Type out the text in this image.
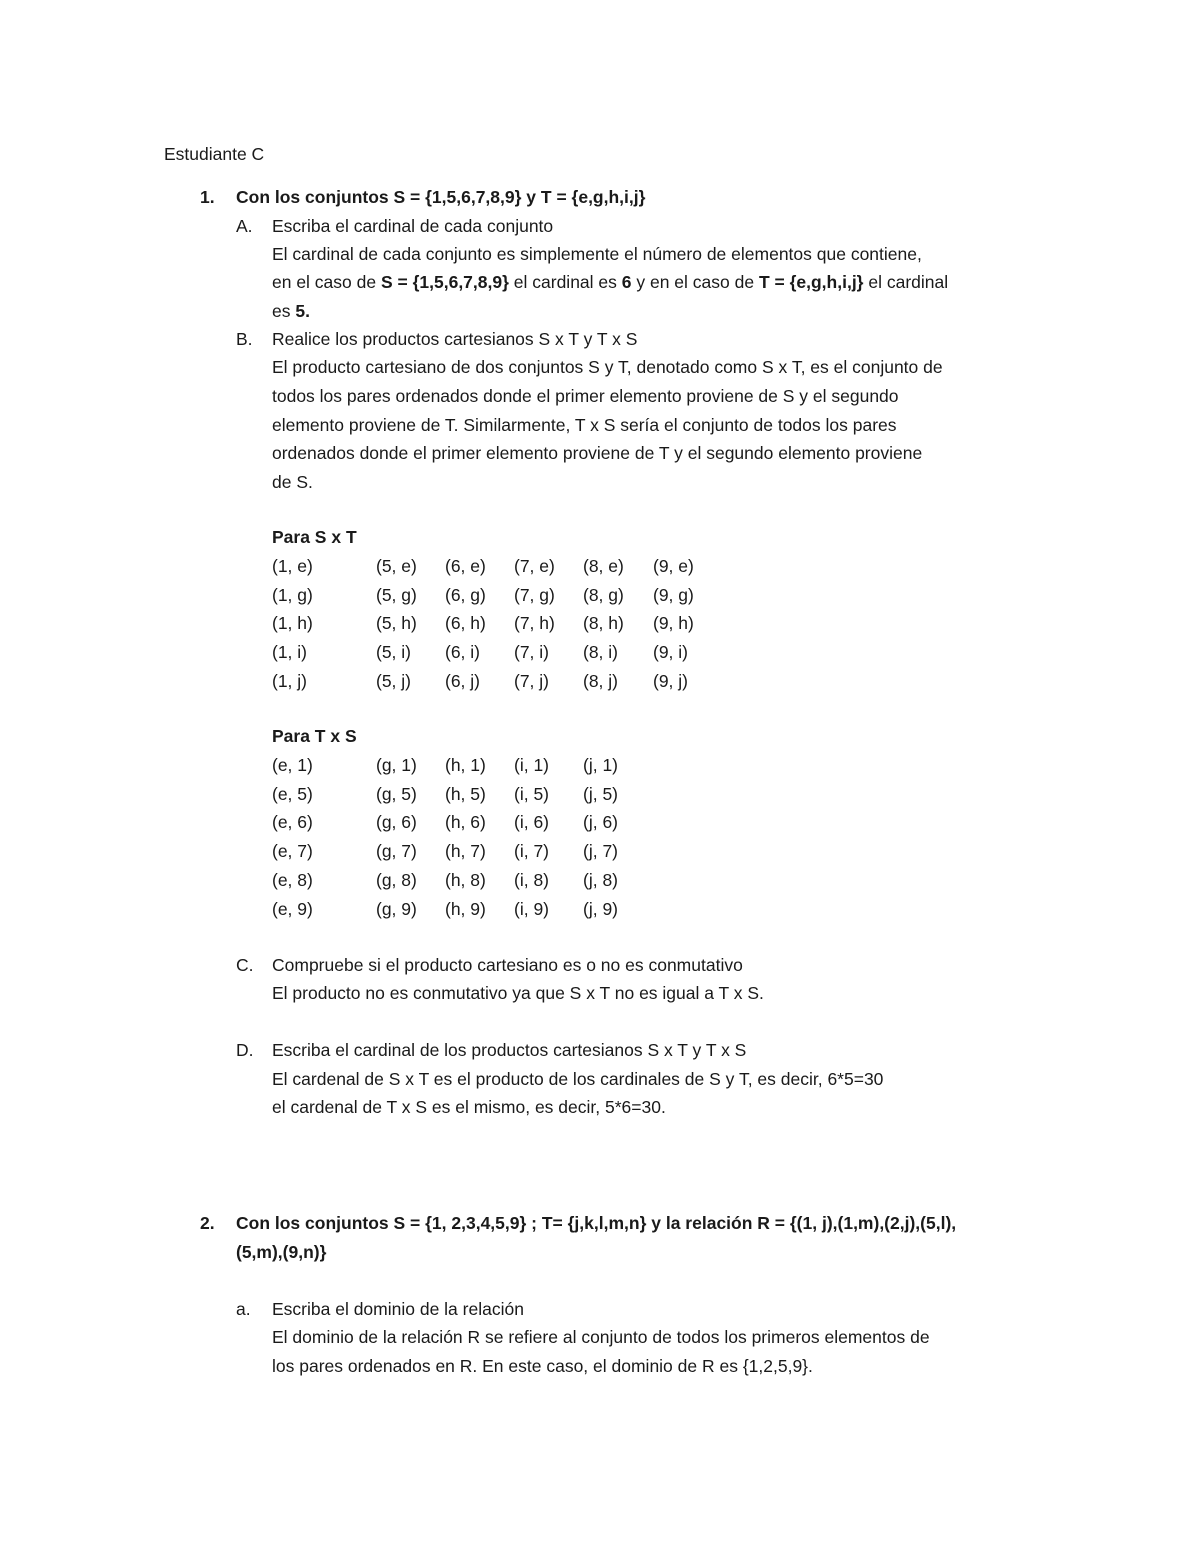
Estudiante C
1. Con los conjuntos S = {1,5,6,7,8,9} y T = {e,g,h,i,j}
A. Escriba el cardinal de cada conjunto
El cardinal de cada conjunto es simplemente el número de elementos que contiene,
en el caso de S = {1,5,6,7,8,9} el cardinal es 6 y en el caso de T = {e,g,h,i,j} el cardinal
es 5.
B. Realice los productos cartesianos S x T y T x S
El producto cartesiano de dos conjuntos S y T, denotado como S x T, es el conjunto de
todos los pares ordenados donde el primer elemento proviene de S y el segundo
elemento proviene de T. Similarmente, T x S sería el conjunto de todos los pares
ordenados donde el primer elemento proviene de T y el segundo elemento proviene
de S.
Para S x T
(1, e)	(5, e) (6, e) (7, e) (8, e) (9, e)
(1, g)	(5, g) (6, g) (7, g) (8, g) (9, g)
(1, h)	(5, h) (6, h) (7, h) (8, h) (9, h)
(1, i)	(5, i) (6, i) (7, i) (8, i) (9, i)
(1, j)	(5, j) (6, j) (7, j) (8, j) (9, j)
Para T x S
(e, 1)	(g, 1) (h, 1) (i, 1) (j, 1)
(e, 5)	(g, 5) (h, 5) (i, 5) (j, 5)
(e, 6)	(g, 6) (h, 6) (i, 6) (j, 6)
(e, 7)	(g, 7) (h, 7) (i, 7) (j, 7)
(e, 8)	(g, 8) (h, 8) (i, 8) (j, 8)
(e, 9)	(g, 9) (h, 9) (i, 9) (j, 9)
C. Compruebe si el producto cartesiano es o no es conmutativo
El producto no es conmutativo ya que S x T no es igual a T x S.
D. Escriba el cardinal de los productos cartesianos S x T y T x S
El cardenal de S x T es el producto de los cardinales de S y T, es decir, 6*5=30
el cardenal de T x S es el mismo, es decir, 5*6=30.
2. Con los conjuntos S = {1, 2,3,4,5,9} ; T= {j,k,l,m,n} y la relación R = {(1, j),(1,m),(2,j),(5,l),
(5,m),(9,n)}
a. Escriba el dominio de la relación
El dominio de la relación R se refiere al conjunto de todos los primeros elementos de
los pares ordenados en R. En este caso, el dominio de R es {1,2,5,9}.
